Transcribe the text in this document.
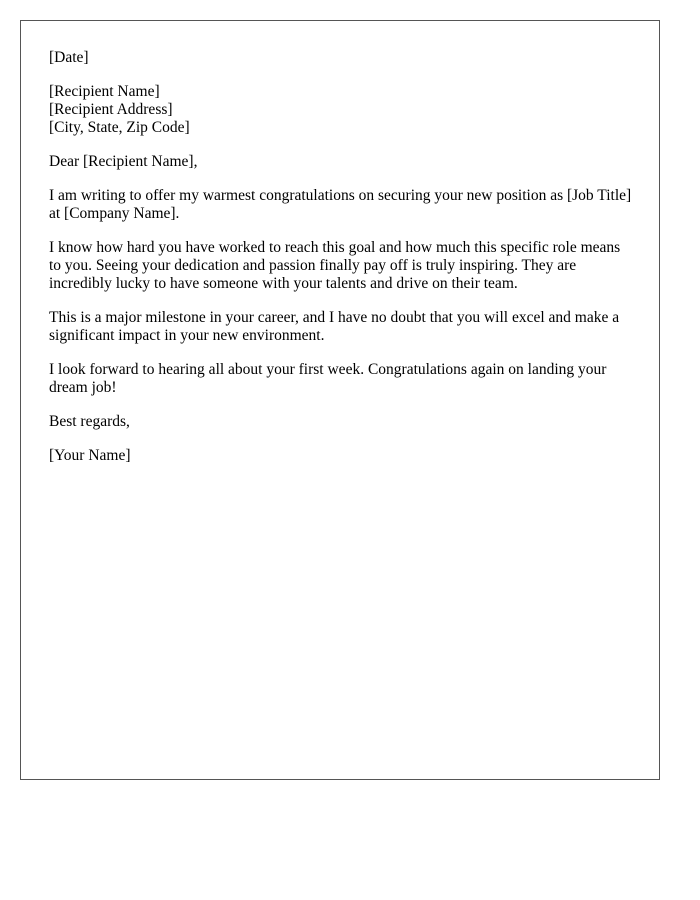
[Date]

[Recipient Name]
[Recipient Address]
[City, State, Zip Code]

Dear [Recipient Name],

I am writing to offer my warmest congratulations on securing your new position as [Job Title] at [Company Name].

I know how hard you have worked to reach this goal and how much this specific role means to you. Seeing your dedication and passion finally pay off is truly inspiring. They are incredibly lucky to have someone with your talents and drive on their team.

This is a major milestone in your career, and I have no doubt that you will excel and make a significant impact in your new environment.

I look forward to hearing all about your first week. Congratulations again on landing your dream job!

Best regards,

[Your Name]
